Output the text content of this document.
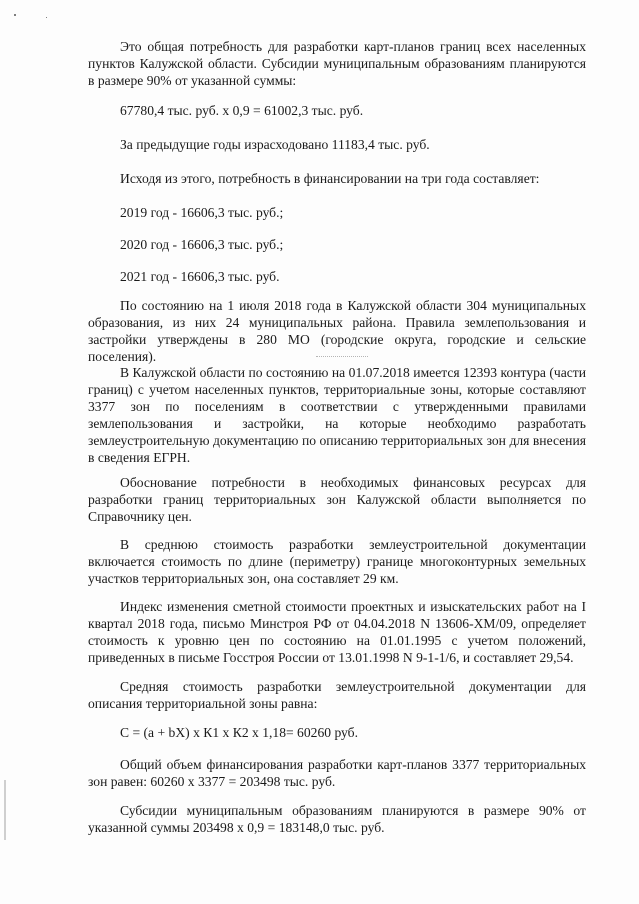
Это общая потребность для разработки карт-планов границ всех населенных пунктов Калужской области. Субсидии муниципальным образованиям планируются в размере 90% от указанной суммы:

67780,4 тыс. руб. х 0,9 = 61002,3 тыс. руб.

За предыдущие годы израсходовано 11183,4 тыс. руб.

Исходя из этого, потребность в финансировании на три года составляет:

2019 год - 16606,3 тыс. руб.;

2020 год - 16606,3 тыс. руб.;

2021 год - 16606,3 тыс. руб.

По состоянию на 1 июля 2018 года в Калужской области 304 муниципальных образования, из них 24 муниципальных района. Правила землепользования и застройки утверждены в 280 МО (городские округа, городские и сельские поселения).

В Калужской области по состоянию на 01.07.2018 имеется 12393 контура (части границ) с учетом населенных пунктов, территориальные зоны, которые составляют 3377 зон по поселениям в соответствии с утвержденными правилами землепользования и застройки, на которые необходимо разработать землеустроительную документацию по описанию территориальных зон для внесения в сведения ЕГРН.

Обоснование потребности в необходимых финансовых ресурсах для разработки границ территориальных зон Калужской области выполняется по Справочнику цен.

В среднюю стоимость разработки землеустроительной документации включается стоимость по длине (периметру) границе многоконтурных земельных участков территориальных зон, она составляет 29 км.

Индекс изменения сметной стоимости проектных и изыскательских работ на I квартал 2018 года, письмо Минстроя РФ от 04.04.2018 N 13606-ХМ/09, определяет стоимость к уровню цен по состоянию на 01.01.1995 с учетом положений, приведенных в письме Госстроя России от 13.01.1998 N 9-1-1/6, и составляет 29,54.

Средняя стоимость разработки землеустроительной документации для описания территориальной зоны равна:

С = (а + bХ) х К1 х К2 х 1,18= 60260 руб.

Общий объем финансирования разработки карт-планов 3377 территориальных зон равен: 60260 х 3377 = 203498 тыс. руб.

Субсидии муниципальным образованиям планируются в размере 90% от указанной суммы 203498 х 0,9 = 183148,0 тыс. руб.
